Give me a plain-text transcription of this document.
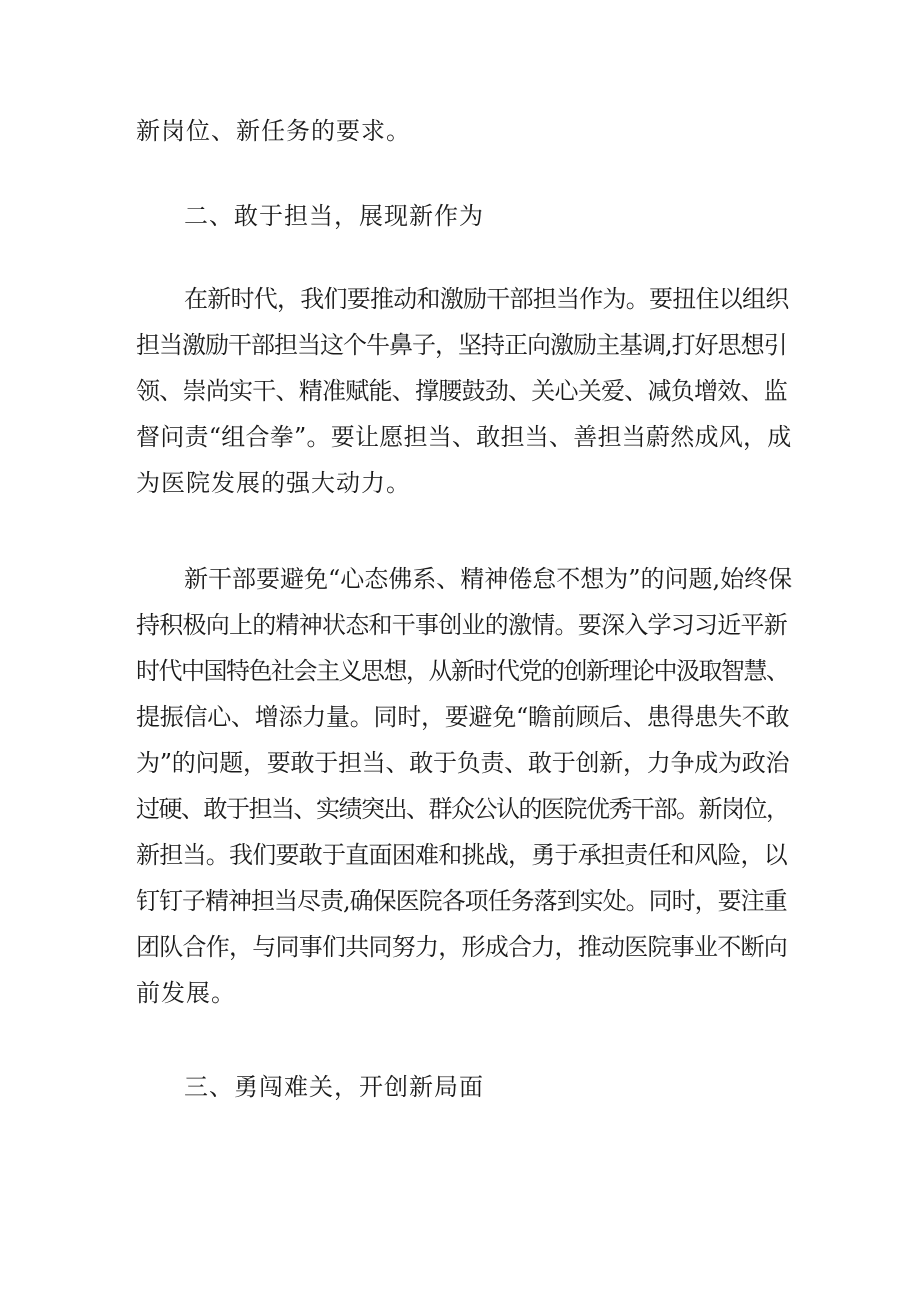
新岗位、新任务的要求。
二、敢于担当，展现新作为
在新时代，我们要推动和激励干部担当作为。要扭住以组织
担当激励干部担当这个牛鼻子，坚持正向激励主基调,打好思想引
领、崇尚实干、精准赋能、撑腰鼓劲、关心关爱、减负增效、监
督问责“组合拳”。要让愿担当、敢担当、善担当蔚然成风，成
为医院发展的强大动力。
新干部要避免“心态佛系、精神倦怠不想为”的问题,始终保
持积极向上的精神状态和干事创业的激情。要深入学习习近平新
时代中国特色社会主义思想，从新时代党的创新理论中汲取智慧、
提振信心、增添力量。同时，要避免“瞻前顾后、患得患失不敢
为”的问题，要敢于担当、敢于负责、敢于创新，力争成为政治
过硬、敢于担当、实绩突出、群众公认的医院优秀干部。新岗位，
新担当。我们要敢于直面困难和挑战，勇于承担责任和风险，以
钉钉子精神担当尽责,确保医院各项任务落到实处。同时，要注重
团队合作，与同事们共同努力，形成合力，推动医院事业不断向
前发展。
三、勇闯难关，开创新局面
